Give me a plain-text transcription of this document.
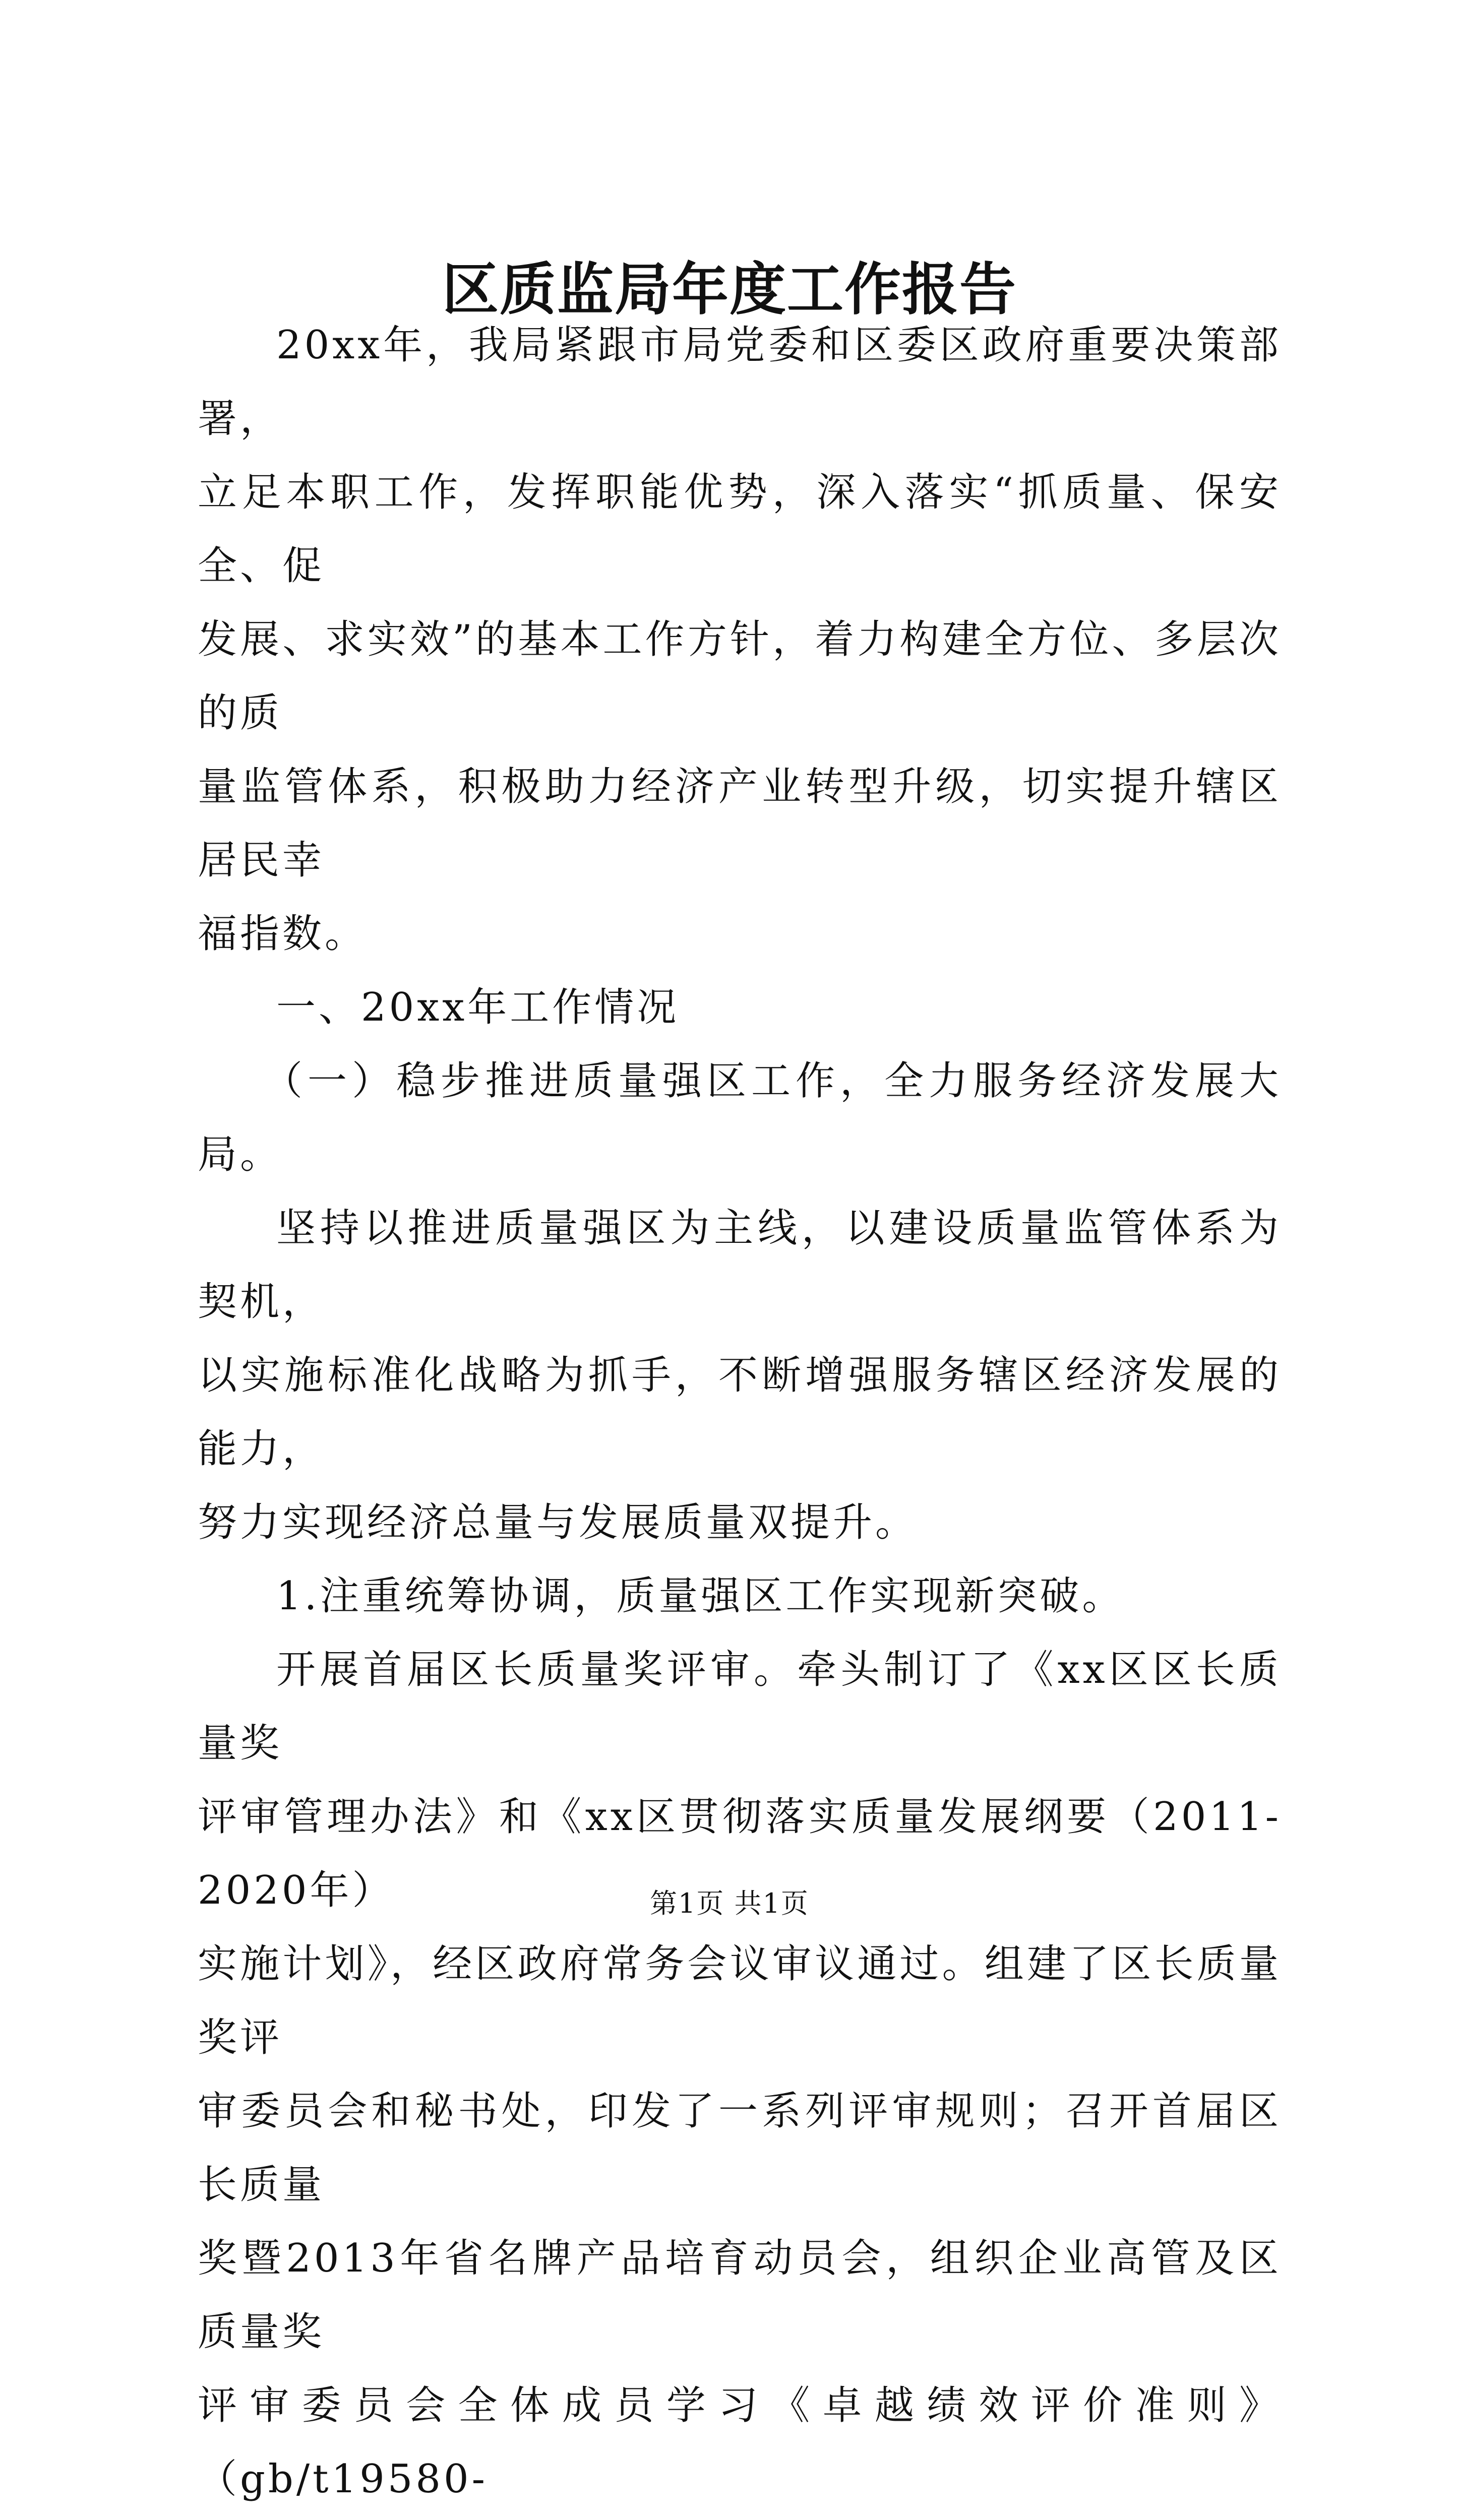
区质监局年度工作报告

20xx年，我局紧跟市局党委和区委区政府重要决策部署，
立足本职工作，发挥职能优势，深入落实“抓质量、保安全、促
发展、求实效”的基本工作方针，着力构建全方位、多层次的质
量监管体系，积极助力经济产业转型升级，切实提升辖区居民幸
福指数。

一、20xx年工作情况

（一）稳步推进质量强区工作，全力服务经济发展大局。

坚持以推进质量强区为主线，以建设质量监管体系为契机，
以实施标准化战略为抓手，不断增强服务辖区经济发展的能力，
努力实现经济总量与发展质量双提升。

1.注重统筹协调，质量强区工作实现新突破。

开展首届区长质量奖评审。牵头制订了《xx区区长质量奖
评审管理办法》和《xx区贯彻落实质量发展纲要（2011-2020年）
实施计划》，经区政府常务会议审议通过。组建了区长质量奖评
审委员会和秘书处，印发了一系列评审规则；召开首届区长质量
奖暨2013年省名牌产品培育动员会，组织企业高管及区质量奖
评审委员会全体成员学习《卓越绩效评价准则》（gb/t19580-

第1页 共1页
